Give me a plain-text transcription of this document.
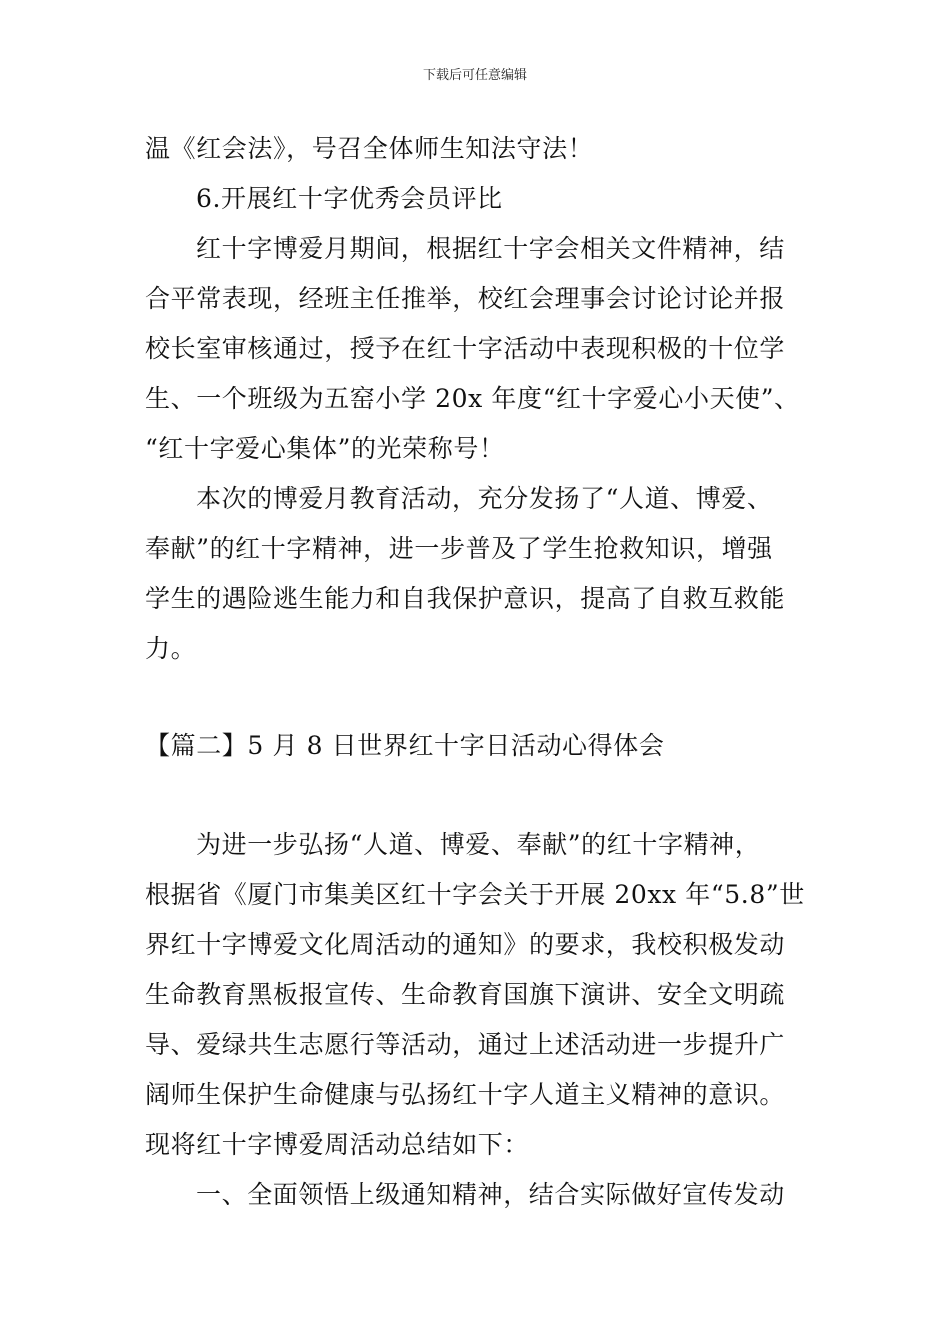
下载后可任意编辑
温《红会法》，号召全体师生知法守法！
6.开展红十字优秀会员评比
红十字博爱月期间，根据红十字会相关文件精神，结
合平常表现，经班主任推举，校红会理事会讨论讨论并报
校长室审核通过，授予在红十字活动中表现积极的十位学
生、一个班级为五窑小学 20x 年度“红十字爱心小天使”、
“红十字爱心集体”的光荣称号！
本次的博爱月教育活动，充分发扬了“人道、博爱、
奉献”的红十字精神，进一步普及了学生抢救知识，增强
学生的遇险逃生能力和自我保护意识，提高了自救互救能
力。
【篇二】5 月 8 日世界红十字日活动心得体会
为进一步弘扬“人道、博爱、奉献”的红十字精神，
根据省《厦门市集美区红十字会关于开展 20xx 年“5.8”世
界红十字博爱文化周活动的通知》的要求，我校积极发动
生命教育黑板报宣传、生命教育国旗下演讲、安全文明疏
导、爱绿共生志愿行等活动，通过上述活动进一步提升广
阔师生保护生命健康与弘扬红十字人道主义精神的意识。
现将红十字博爱周活动总结如下：
一、全面领悟上级通知精神，结合实际做好宣传发动
